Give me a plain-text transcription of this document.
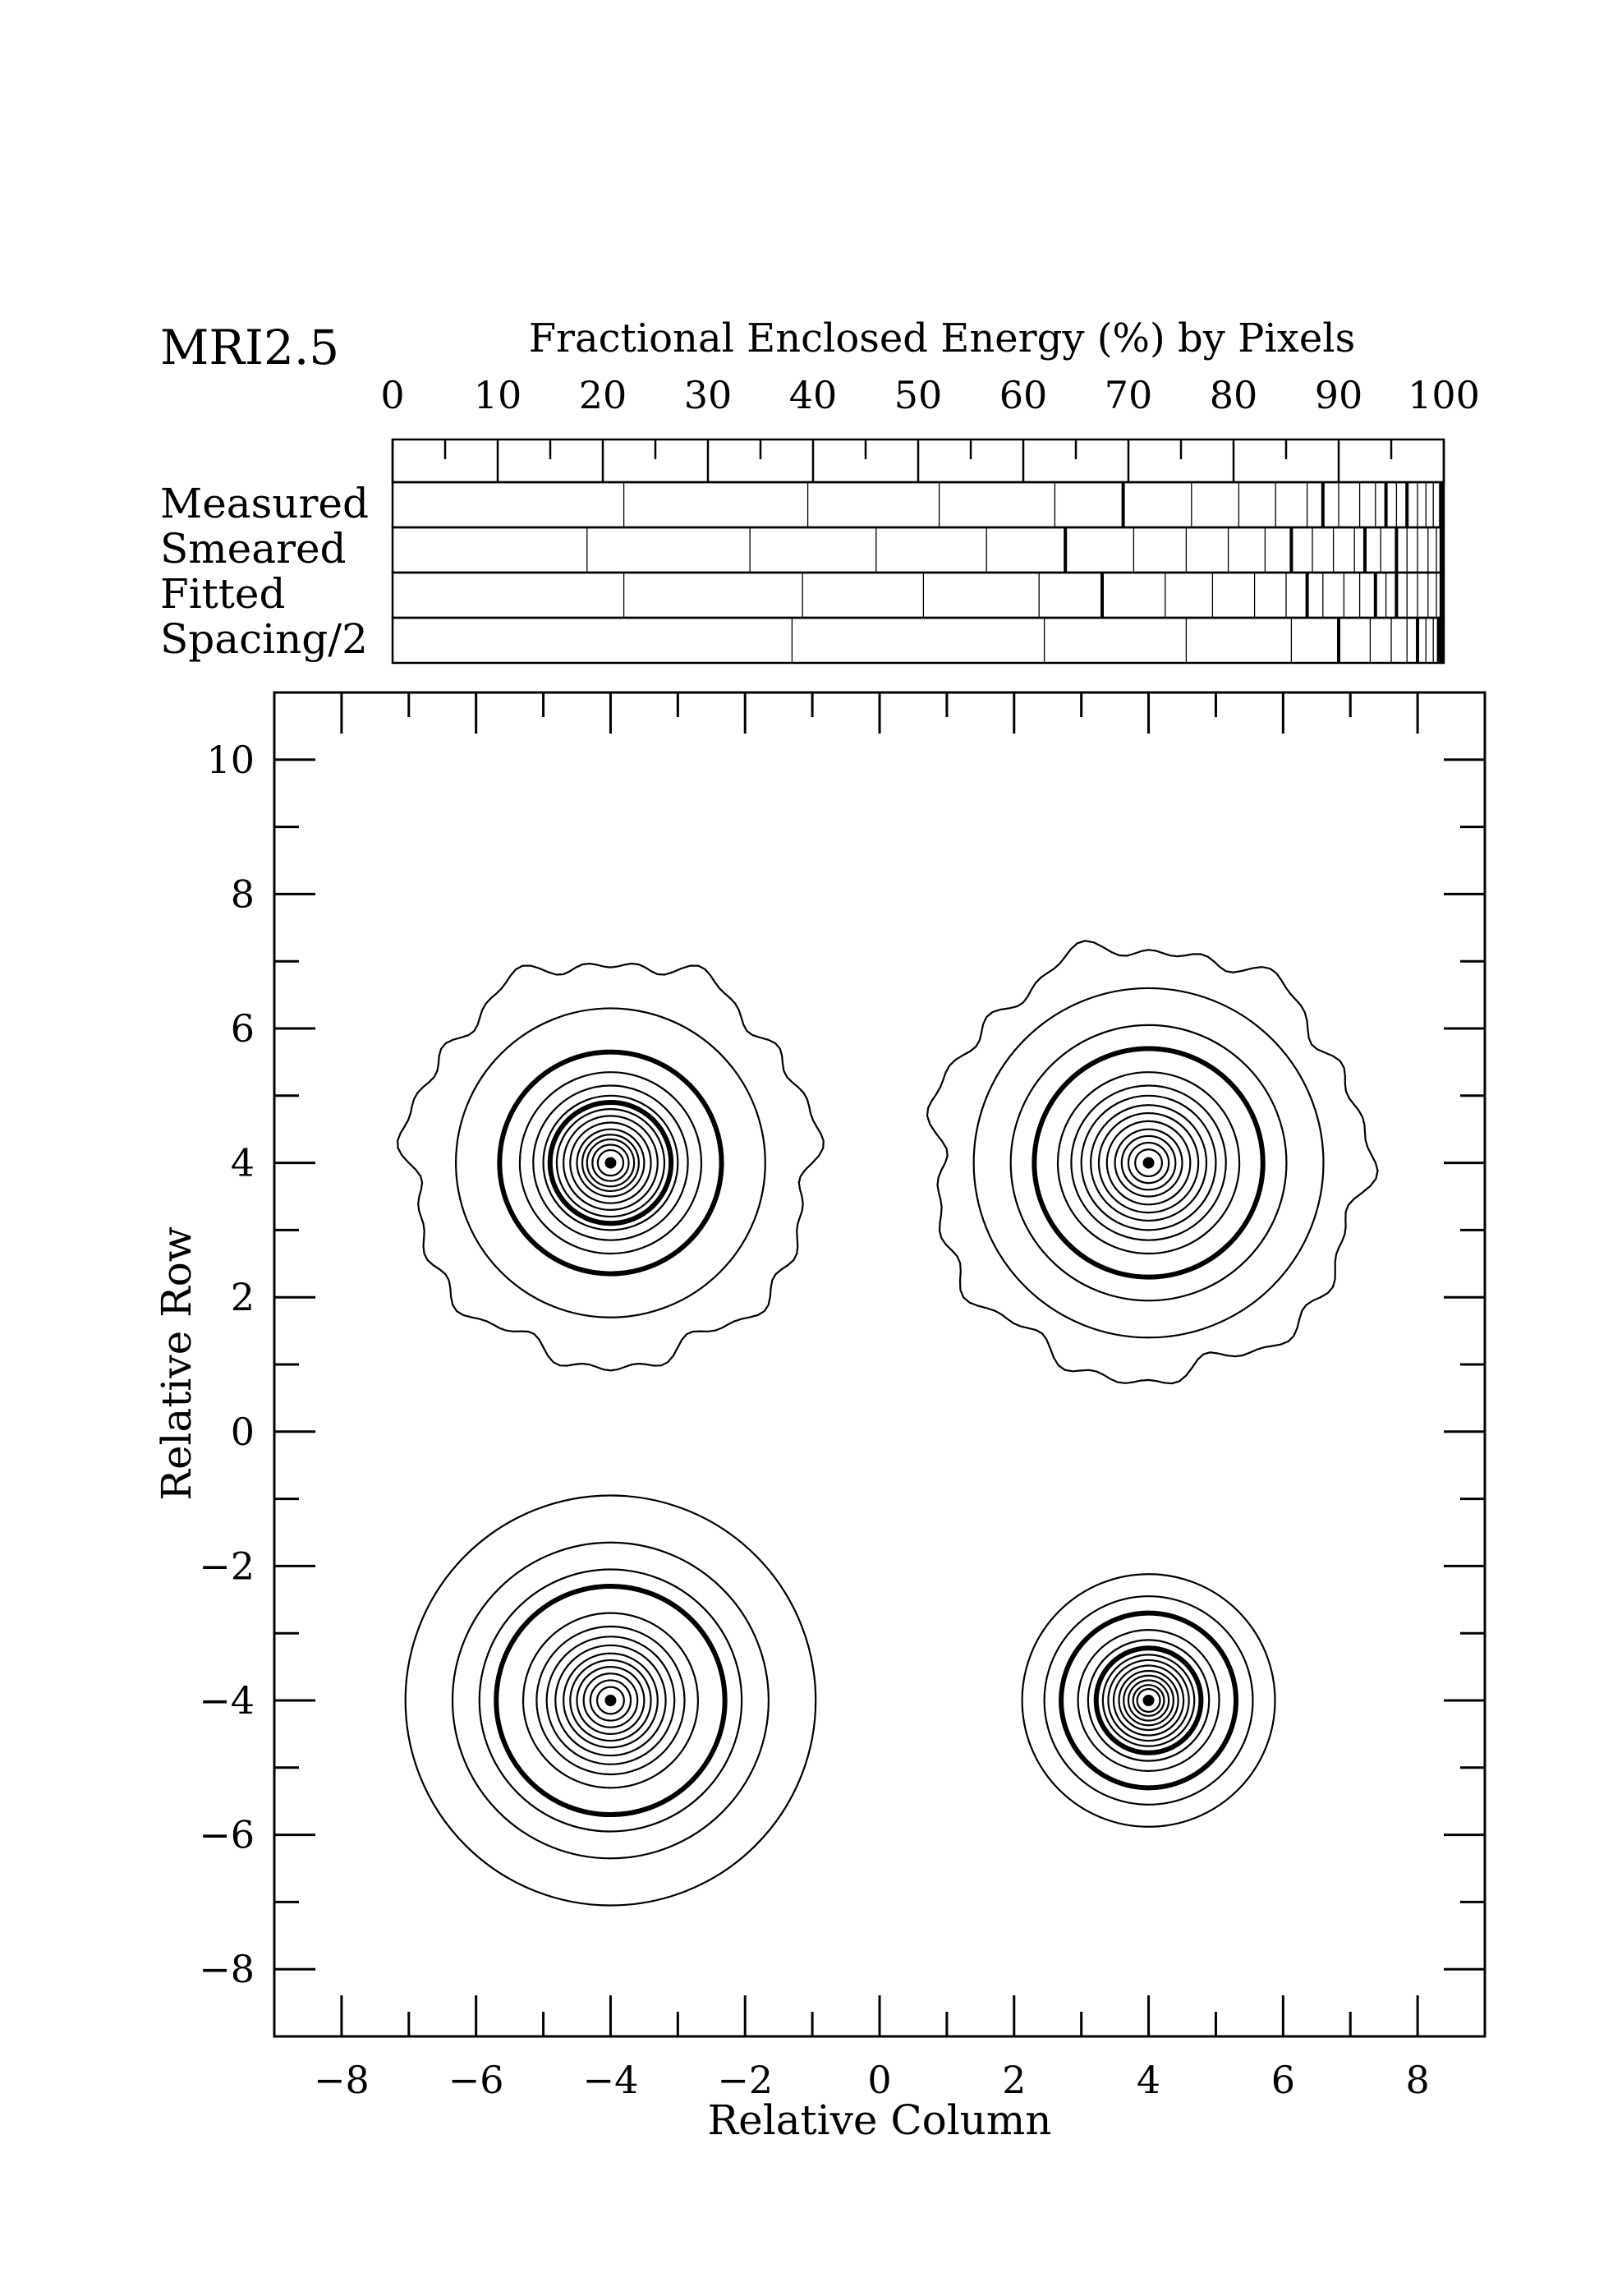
MRI2.5	Fractional Enclosed Energy (%) by Pixels
0 10 20 30 40 50 60 70 80 90 100
Measured
Smeared
Fitted
Spacing/2
−8 −6 −4 −2	0	2	4	6	8
−8
−6
−4
−2
0
2
4
6
8
10
Relative Column
Relative Row
